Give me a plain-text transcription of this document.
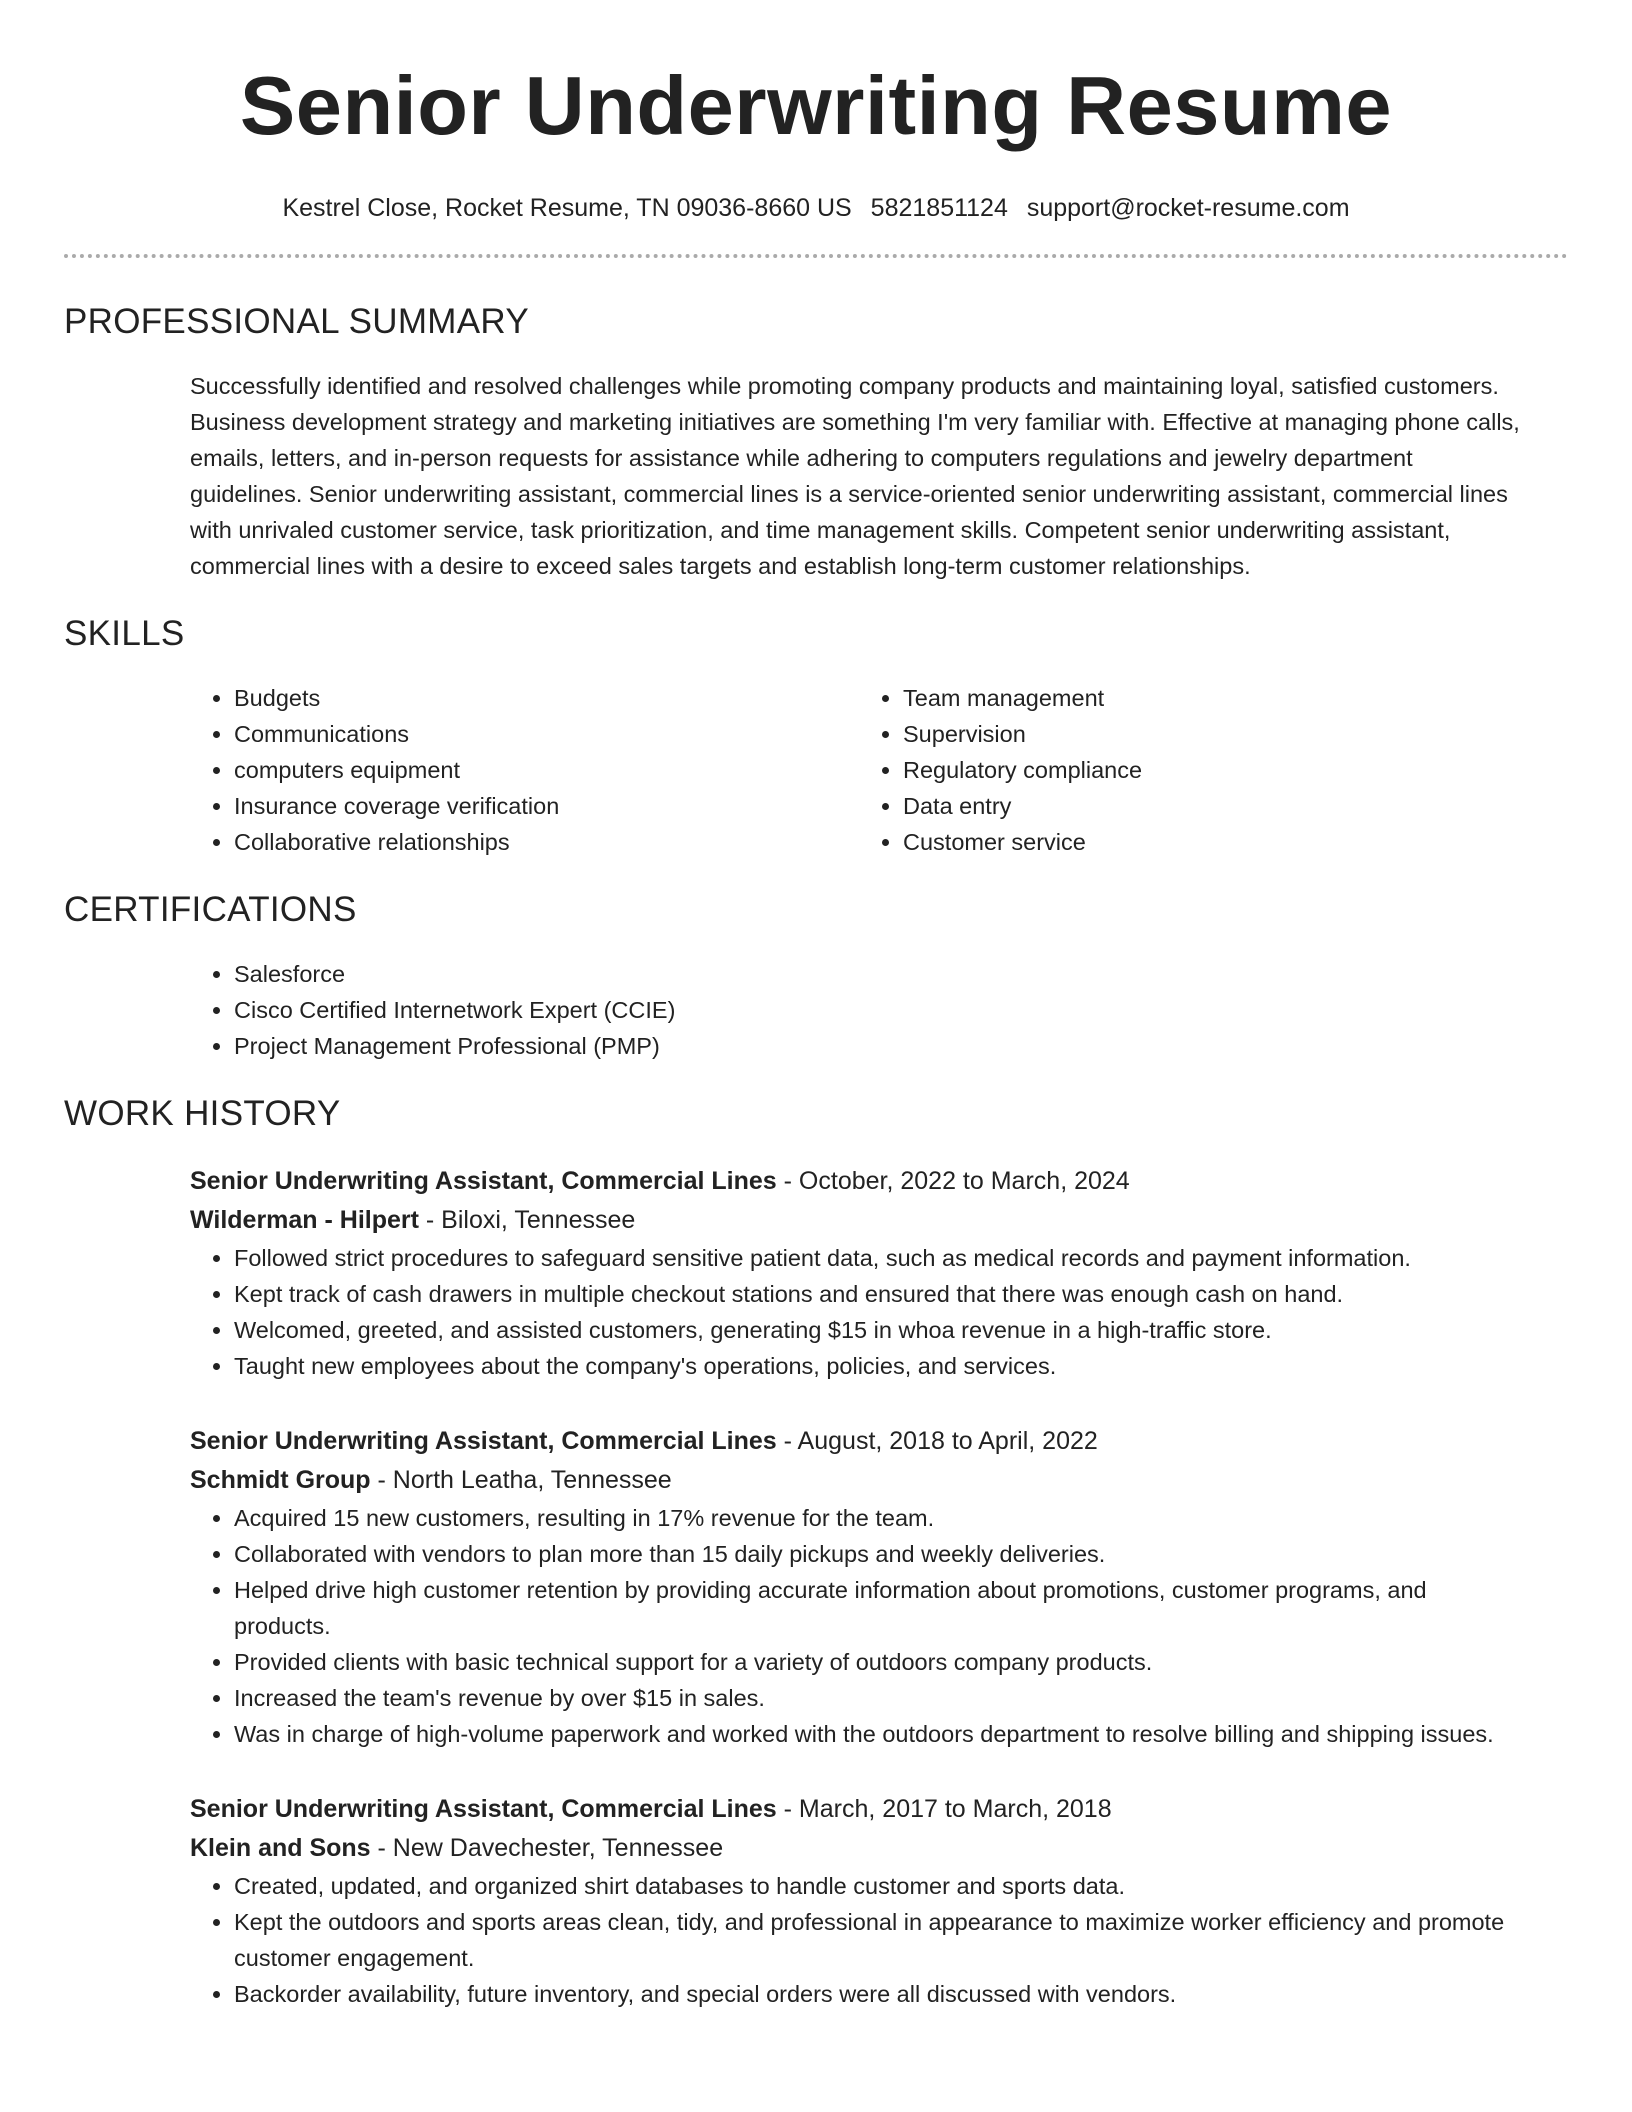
Senior Underwriting Resume
Kestrel Close, Rocket Resume, TN 09036-8660 US 5821851124 support@rocket-resume.com
PROFESSIONAL SUMMARY

Successfully identified and resolved challenges while promoting company products and maintaining loyal, satisfied customers. Business development strategy and marketing initiatives are something I'm very familiar with. Effective at managing phone calls, emails, letters, and in-person requests for assistance while adhering to computers regulations and jewelry department guidelines. Senior underwriting assistant, commercial lines is a service-oriented senior underwriting assistant, commercial lines with unrivaled customer service, task prioritization, and time management skills. Competent senior underwriting assistant, commercial lines with a desire to exceed sales targets and establish long-term customer relationships.

SKILLS
• Budgets
• Communications
• computers equipment
• Insurance coverage verification
• Collaborative relationships
• Team management
• Supervision
• Regulatory compliance
• Data entry
• Customer service
CERTIFICATIONS
• Salesforce
• Cisco Certified Internetwork Expert (CCIE)
• Project Management Professional (PMP)
WORK HISTORY
Senior Underwriting Assistant, Commercial Lines - October, 2022 to March, 2024
Wilderman - Hilpert - Biloxi, Tennessee
• Followed strict procedures to safeguard sensitive patient data, such as medical records and payment information.
• Kept track of cash drawers in multiple checkout stations and ensured that there was enough cash on hand.
• Welcomed, greeted, and assisted customers, generating $15 in whoa revenue in a high-traffic store.
• Taught new employees about the company's operations, policies, and services.
Senior Underwriting Assistant, Commercial Lines - August, 2018 to April, 2022
Schmidt Group - North Leatha, Tennessee
• Acquired 15 new customers, resulting in 17% revenue for the team.
• Collaborated with vendors to plan more than 15 daily pickups and weekly deliveries.
• Helped drive high customer retention by providing accurate information about promotions, customer programs, and products.
• Provided clients with basic technical support for a variety of outdoors company products.
• Increased the team's revenue by over $15 in sales.
• Was in charge of high-volume paperwork and worked with the outdoors department to resolve billing and shipping issues.
Senior Underwriting Assistant, Commercial Lines - March, 2017 to March, 2018
Klein and Sons - New Davechester, Tennessee
• Created, updated, and organized shirt databases to handle customer and sports data.
• Kept the outdoors and sports areas clean, tidy, and professional in appearance to maximize worker efficiency and promote customer engagement.
• Backorder availability, future inventory, and special orders were all discussed with vendors.
